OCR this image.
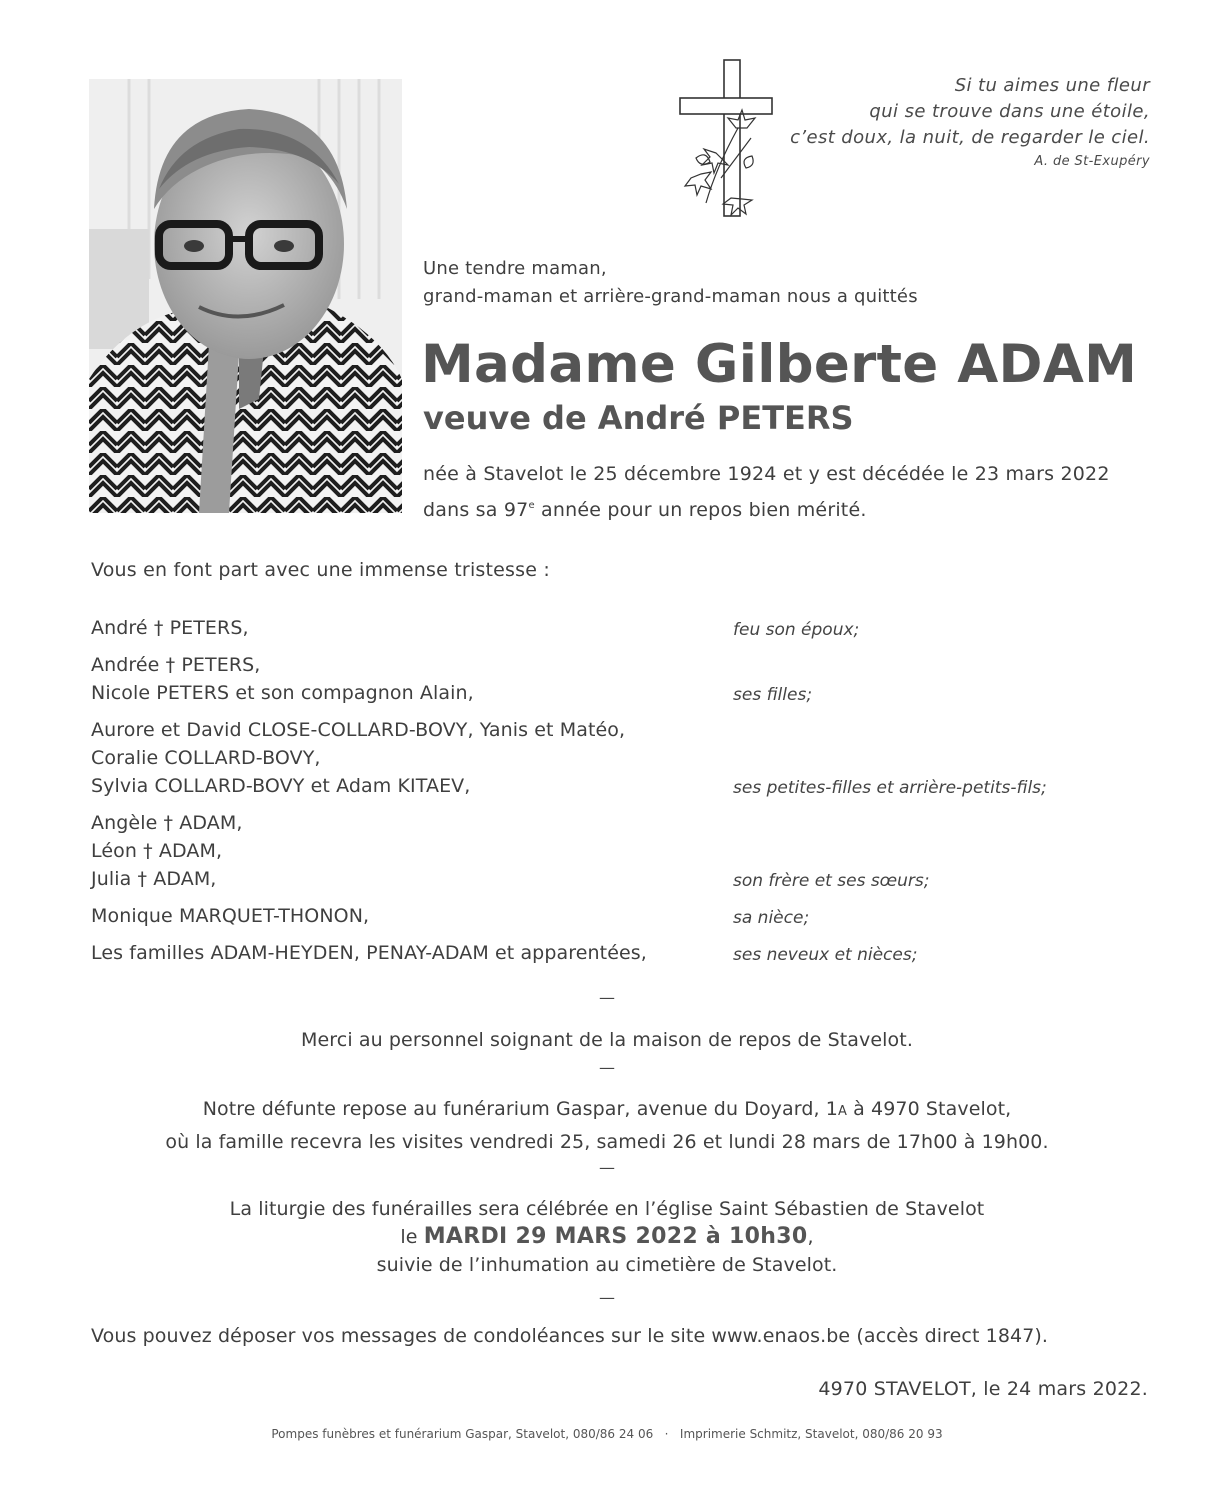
Si tu aimes une fleur
qui se trouve dans une étoile,
c’est doux, la nuit, de regarder le ciel.
A. de St-Exupéry
Une tendre maman,
grand-maman et arrière-grand-maman nous a quittés
Madame Gilberte ADAM
veuve de André PETERS
née à Stavelot le 25 décembre 1924 et y est décédée le 23 mars 2022
dans sa 97e année pour un repos bien mérité.
Vous en font part avec une immense tristesse :
André † PETERS,	feu son époux;
Andrée † PETERS,
Nicole PETERS et son compagnon Alain,	ses filles;
Aurore et David CLOSE-COLLARD-BOVY, Yanis et Matéo,
Coralie COLLARD-BOVY,
Sylvia COLLARD-BOVY et Adam KITAEV,	ses petites-filles et arrière-petits-fils;
Angèle † ADAM,
Léon † ADAM,
Julia † ADAM,	son frère et ses sœurs;
Monique MARQUET-THONON,	sa nièce;
Les familles ADAM-HEYDEN, PENAY-ADAM et apparentées,	ses neveux et nièces;
—
Merci au personnel soignant de la maison de repos de Stavelot.
—
Notre défunte repose au funérarium Gaspar, avenue du Doyard, 1A à 4970 Stavelot,
où la famille recevra les visites vendredi 25, samedi 26 et lundi 28 mars de 17h00 à 19h00.
—
La liturgie des funérailles sera célébrée en l’église Saint Sébastien de Stavelot
le MARDI 29 MARS 2022 à 10h30,
suivie de l’inhumation au cimetière de Stavelot.
—
Vous pouvez déposer vos messages de condoléances sur le site www.enaos.be (accès direct 1847).
4970 STAVELOT, le 24 mars 2022.
Pompes funèbres et funérarium Gaspar, Stavelot, 080/86 24 06   ·   Imprimerie Schmitz, Stavelot, 080/86 20 93
